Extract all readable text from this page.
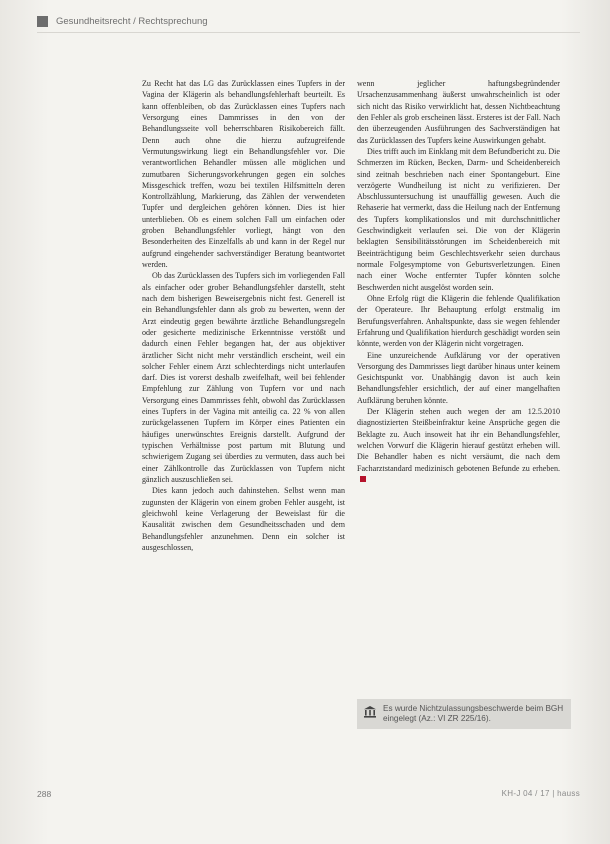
Gesundheitsrecht / Rechtsprechung

Zu Recht hat das LG das Zurücklassen eines Tupfers in der Vagina der Klägerin als behandlungsfehlerhaft beurteilt. Es kann offenbleiben, ob das Zurücklassen eines Tupfers nach Versorgung eines Dammrisses in den von der Behandlungsseite voll beherrschbaren Risikobereich fällt. Denn auch ohne die hierzu aufzugreifende Vermutungswirkung liegt ein Behandlungsfehler vor. Die verantwortlichen Behandler müssen alle möglichen und zumutbaren Sicherungsvorkehrungen gegen ein solches Missgeschick treffen, wozu bei textilen Hilfsmitteln deren Kontrollzählung, Markierung, das Zählen der verwendeten Tupfer und dergleichen gehören können. Dies ist hier unterblieben. Ob es einem solchen Fall um einfachen oder groben Behandlungsfehler vorliegt, hängt von den Besonderheiten des Einzelfalls ab und kann in der Regel nur aufgrund eingehender sachverständiger Beratung beantwortet werden.

Ob das Zurücklassen des Tupfers sich im vorliegenden Fall als einfacher oder grober Behandlungsfehler darstellt, steht nach dem bisherigen Beweisergebnis nicht fest. Generell ist ein Behandlungsfehler dann als grob zu bewerten, wenn der Arzt eindeutig gegen bewährte ärztliche Behandlungsregeln oder gesicherte medizinische Erkenntnisse verstößt und dadurch einen Fehler begangen hat, der aus objektiver ärztlicher Sicht nicht mehr verständlich erscheint, weil ein solcher Fehler einem Arzt schlechterdings nicht unterlaufen darf. Dies ist vorerst deshalb zweifelhaft, weil bei fehlender Empfehlung zur Zählung von Tupfern vor und nach Versorgung eines Dammrisses fehlt, obwohl das Zurücklassen eines Tupfers in der Vagina mit anteilig ca. 22 % von allen zurückgelassenen Tupfern im Körper eines Patienten ein häufiges unerwünschtes Ereignis darstellt. Aufgrund der typischen Verhältnisse post partum mit Blutung und schwierigem Zugang sei überdies zu vermuten, dass auch bei einer Zählkontrolle das Zurücklassen von Tupfern nicht gänzlich auszuschließen sei.

Dies kann jedoch auch dahinstehen. Selbst wenn man zugunsten der Klägerin von einem groben Fehler ausgeht, ist gleichwohl keine Verlagerung der Beweislast für die Kausalität zwischen dem Gesundheitsschaden und dem Behandlungsfehler anzunehmen. Denn ein solcher ist ausgeschlossen,

wenn jeglicher haftungsbegründender Ursachenzusammenhang äußerst unwahrscheinlich ist oder sich nicht das Risiko verwirklicht hat, dessen Nichtbeachtung den Fehler als grob erscheinen lässt. Ersteres ist der Fall. Nach den überzeugenden Ausführungen des Sachverständigen hat das Zurücklassen des Tupfers keine Auswirkungen gehabt.

Dies trifft auch im Einklang mit dem Befundbericht zu. Die Schmerzen im Rücken, Becken, Darm- und Scheidenbereich sind zeitnah beschrieben nach einer Spontangeburt. Eine verzögerte Wundheilung ist nicht zu verifizieren. Der Abschlussuntersuchung ist unauffällig gewesen. Auch die Rehaserie hat vermerkt, dass die Heilung nach der Entfernung des Tupfers komplikationslos und mit durchschnittlicher Geschwindigkeit verlaufen sei. Die von der Klägerin beklagten Sensibilitätsstörungen im Scheidenbereich mit Beeinträchtigung beim Geschlechtsverkehr seien durchaus normale Folgesymptome von Geburtsverletzungen. Einen nach einer Woche entfernter Tupfer könnten solche Beschwerden nicht ausgelöst worden sein.

Ohne Erfolg rügt die Klägerin die fehlende Qualifikation der Operateure. Ihr Behauptung erfolgt erstmalig im Berufungsverfahren. Anhaltspunkte, dass sie wegen fehlender Erfahrung und Qualifikation hierdurch geschädigt worden sein könnte, werden von der Klägerin nicht vorgetragen.

Eine unzureichende Aufklärung vor der operativen Versorgung des Dammrisses liegt darüber hinaus unter keinem Gesichtspunkt vor. Unabhängig davon ist auch kein Behandlungsfehler ersichtlich, der auf einer mangelhaften Aufklärung beruhen könnte.

Der Klägerin stehen auch wegen der am 12.5.2010 diagnostizierten Steißbeinfraktur keine Ansprüche gegen die Beklagte zu. Auch insoweit hat ihr ein Behandlungsfehler, welchen Vorwurf die Klägerin hierauf gestützt erheben will. Die Behandler haben es nicht versäumt, die nach dem Facharztstandard medizinisch gebotenen Befunde zu erheben.

Es wurde Nichtzulassungsbeschwerde beim BGH eingelegt (Az.: VI ZR 225/16).
288	KH-J 04 / 17 | hauss
